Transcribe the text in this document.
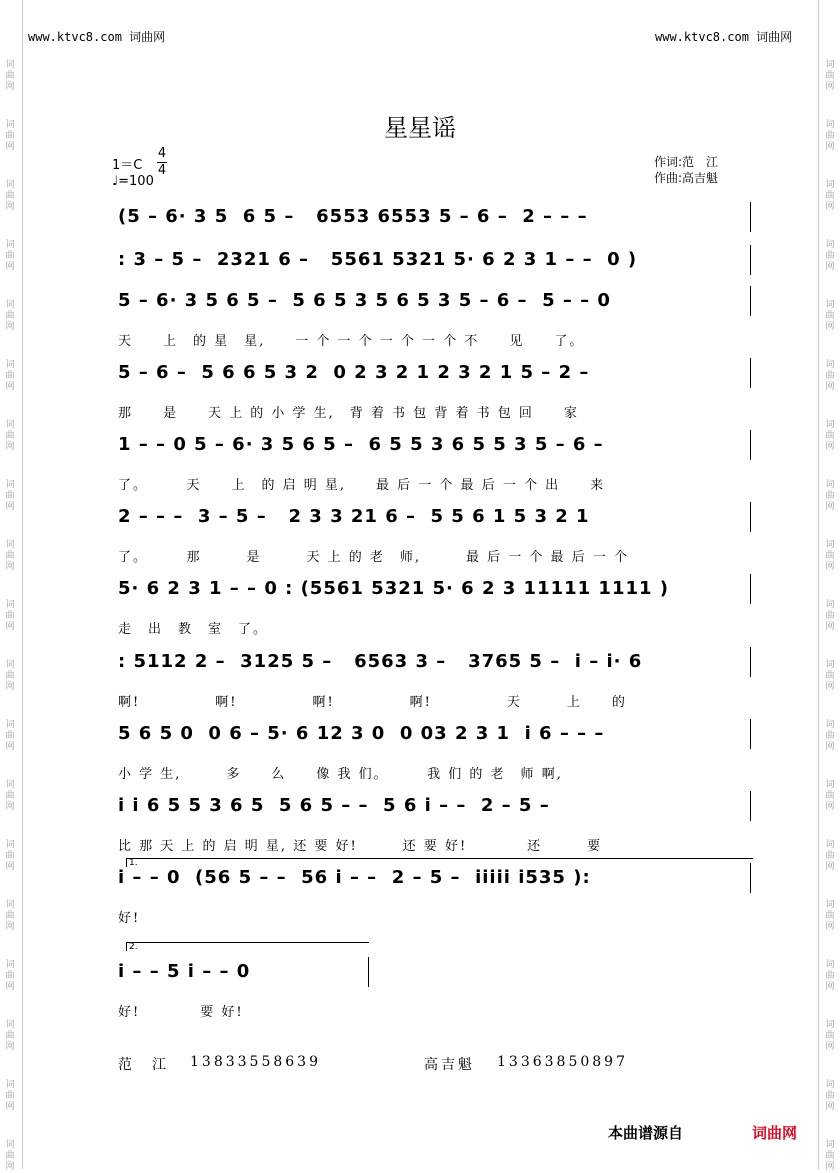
www.ktvc8.com 词曲网	www.ktvc8.com 词曲网
词
曲
网
词
曲
网
词
曲
网
词
曲
网
词
曲
网
词
曲
网
词
曲
网
词
曲
网
词
曲
网
词
曲
网
词
曲
网
词
曲
网
词
曲
网
词
曲
网
词
曲
网
词
曲
网
词
曲
网
词
曲
网
词
曲
网
词
曲
网
词
曲
网
词
曲
网
词
曲
网
词
曲
网
词
曲
网
词
曲
网
词
曲
网
词
曲
网
词
曲
网
词
曲
网
词
曲
网
词
曲
网
词
曲
网
词
曲
网
词
曲
网
词
曲
网
词
曲
网
词
曲
网
星星谣
1＝C
4
4
♩=100
作词:范　江
作曲:高吉魁
(5 – 6· 3 5  6 5 –   6553 6553 5 – 6 –  2 – – –
: 3 – 5 –  2321 6 –   5561 5321 5· 6 2 3 1 – –  0 )
5 – 6· 3 5 6 5 –  5 6 5 3 5 6 5 3 5 – 6 –  5 – – 0
天　　上　的 星　星,　　一 个 一 个 一 个 一 个 不　　见　　了。
5 – 6 –  5 6 6 5 3 2  0 2 3 2 1 2 3 2 1 5 – 2 –
那　　是　　天 上 的 小 学 生,　背 着 书 包 背 着 书 包 回　　家
1 – – 0 5 – 6· 3 5 6 5 –  6 5 5 3 6 5 5 3 5 – 6 –
了。　　　天　　上　的 启 明 星,　　最 后 一 个 最 后 一 个 出　　来
2 – – –  3 – 5 –   2 3 3 21 6 –  5 5 6 1 5 3 2 1
了。　　　那　　　是　　　天 上 的 老　师,　　　最 后 一 个 最 后 一 个
5· 6 2 3 1 – – 0 : (5561 5321 5· 6 2 3 11111 1111 )
走　出　教　室　了。
: 5112 2 –  3125 5 –   6563 3 –   3765 5 –  i – i· 6
啊!　　　　　啊!　　　　　啊!　　　　　啊!　　　　　天　　　上　　的
5 6 5 0  0 6 – 5· 6 12 3 0  0 03 2 3 1  i 6 – – –
小 学 生,　　　多　　么　　像 我 们。　　　我 们 的 老　师 啊,
i i 6 5 5 3 6 5  5 6 5 – –  5 6 i – –  2 – 5 –
比 那 天 上 的 启 明 星, 还 要 好!　　　还 要 好!　　　　还　　　要
i – – 0  (56 5 – –  56 i – –  2 – 5 –  iiiii i535 ):
好!
i – – 5 i – – 0
好!　　　　要 好!
1.
2.
范　江 13833558639	高吉魁 13363850897
本曲谱源自	词曲网
